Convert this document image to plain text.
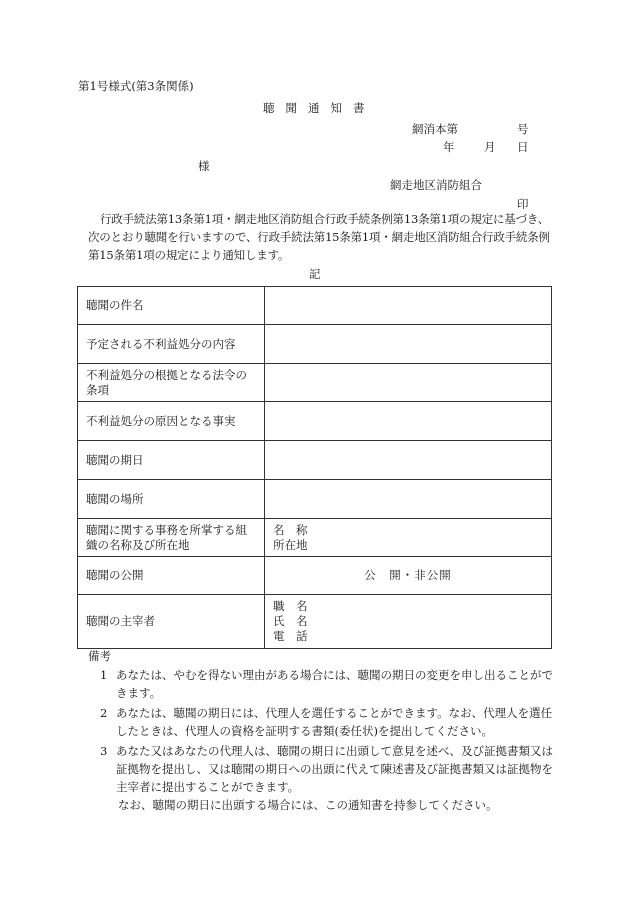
第1号様式(第3条関係)
聴聞通知書
網消本第	号
年	月 日
様
網走地区消防組合
印
行政手続法第13条第1項・網走地区消防組合行政手続条例第13条第1項の規定に基づき、次のとおり聴聞を行いますので、行政手続法第15条第1項・網走地区消防組合行政手続条例第15条第1項の規定により通知します。
記
聴聞の件名	
予定される不利益処分の内容	
不利益処分の根拠となる法令の条項	
不利益処分の原因となる事実	
聴聞の期日	
聴聞の場所	
聴聞に関する事務を所掌する組織の名称及び所在地	名　称
所在地

聴聞の公開	公　開・非公開
聴聞の主宰者	職　名
氏　名
電　話
備考
1 あなたは、やむを得ない理由がある場合には、聴聞の期日の変更を申し出ることができます。
2 あなたは、聴聞の期日には、代理人を選任することができます。なお、代理人を選任したときは、代理人の資格を証明する書類(委任状)を提出してください。
3 あなた又はあなたの代理人は、聴聞の期日に出頭して意見を述べ、及び証拠書類又は証拠物を提出し、又は聴聞の期日への出頭に代えて陳述書及び証拠書類又は証拠物を主宰者に提出することができます。
なお、聴聞の期日に出頭する場合には、この通知書を持参してください。
